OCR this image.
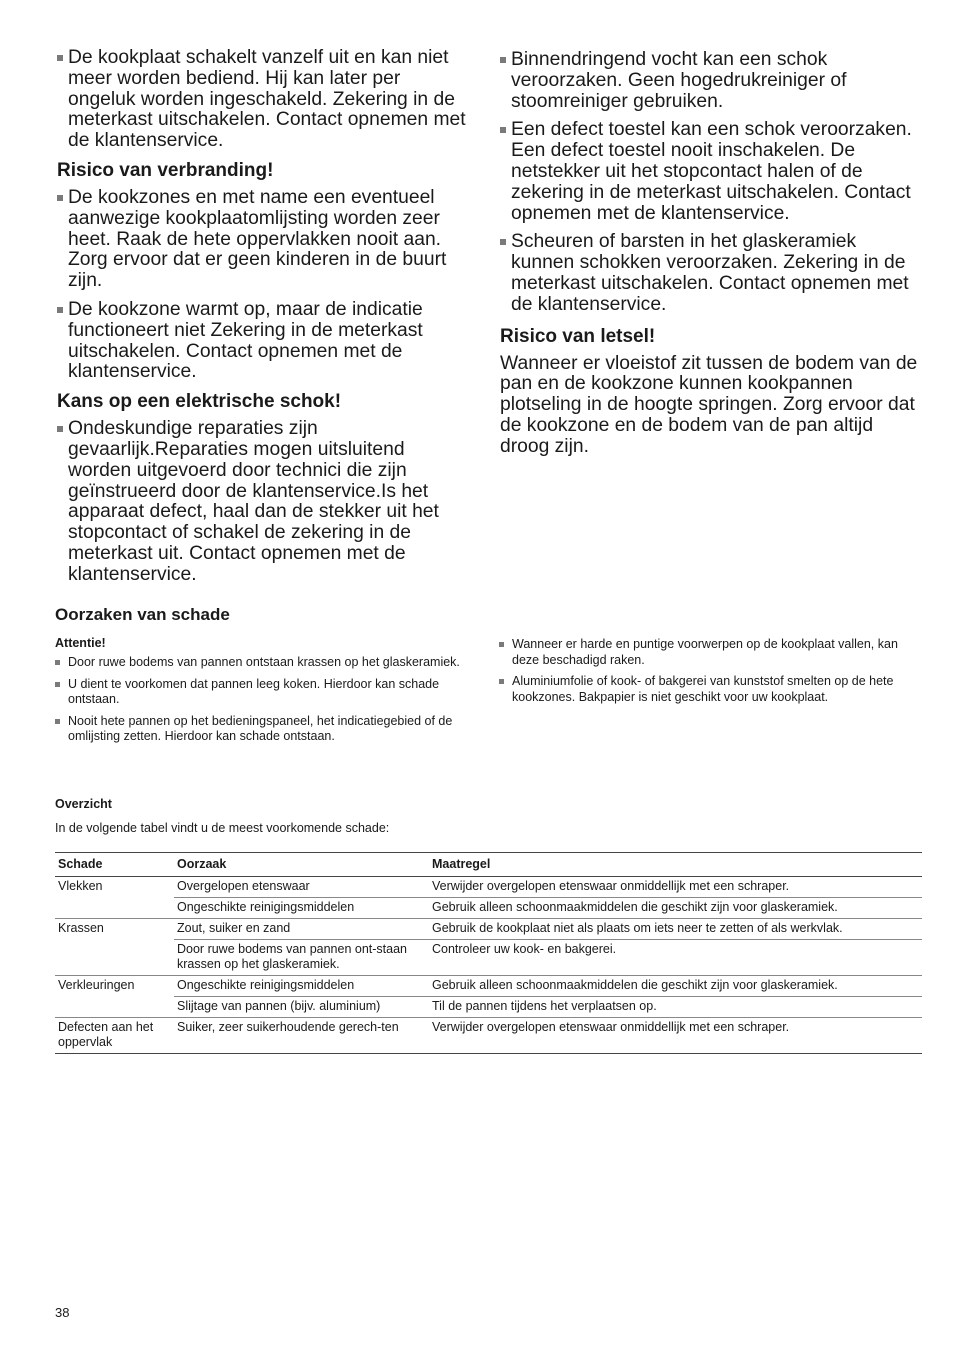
De kookplaat schakelt vanzelf uit en kan niet meer worden bediend. Hij kan later per ongeluk worden ingeschakeld. Zekering in de meterkast uitschakelen. Contact opnemen met de klantenservice.
Risico van verbranding!
De kookzones en met name een eventueel aanwezige kookplaatomlijsting worden zeer heet. Raak de hete oppervlakken nooit aan. Zorg ervoor dat er geen kinderen in de buurt zijn.
De kookzone warmt op, maar de indicatie functioneert niet Zekering in de meterkast uitschakelen. Contact opnemen met de klantenservice.
Kans op een elektrische schok!
Ondeskundige reparaties zijn gevaarlijk.Reparaties mogen uitsluitend worden uitgevoerd door technici die zijn geïnstrueerd door de klantenservice.Is het apparaat defect, haal dan de stekker uit het stopcontact of schakel de zekering in de meterkast uit. Contact opnemen met de klantenservice.
Binnendringend vocht kan een schok veroorzaken. Geen hogedrukreiniger of stoomreiniger gebruiken.
Een defect toestel kan een schok veroorzaken. Een defect toestel nooit inschakelen. De netstekker uit het stopcontact halen of de zekering in de meterkast uitschakelen. Contact opnemen met de klantenservice.
Scheuren of barsten in het glaskeramiek kunnen schokken veroorzaken. Zekering in de meterkast uitschakelen. Contact opnemen met de klantenservice.
Risico van letsel!

Wanneer er vloeistof zit tussen de bodem van de pan en de kookzone kunnen kookpannen plotseling in de hoogte springen. Zorg ervoor dat de kookzone en de bodem van de pan altijd droog zijn.

Oorzaken van schade
Attentie!
Door ruwe bodems van pannen ontstaan krassen op het glaskeramiek.
U dient te voorkomen dat pannen leeg koken. Hierdoor kan schade ontstaan.
Nooit hete pannen op het bedieningspaneel, het indicatiegebied of de omlijsting zetten. Hierdoor kan schade ontstaan.
Wanneer er harde en puntige voorwerpen op de kookplaat vallen, kan deze beschadigd raken.
Aluminiumfolie of kook- of bakgerei van kunststof smelten op de hete kookzones. Bakpapier is niet geschikt voor uw kookplaat.
Overzicht
In de volgende tabel vindt u de meest voorkomende schade:
Schade	Oorzaak	Maatregel
Vlekken	Overgelopen etenswaar	Verwijder overgelopen etenswaar onmiddellijk met een schraper.
	Ongeschikte reinigingsmiddelen	Gebruik alleen schoonmaakmiddelen die geschikt zijn voor glaskeramiek.
Krassen	Zout, suiker en zand	Gebruik de kookplaat niet als plaats om iets neer te zetten of als werkvlak.
	Door ruwe bodems van pannen ont-staan krassen op het glaskeramiek.	Controleer uw kook- en bakgerei.
Verkleuringen	Ongeschikte reinigingsmiddelen	Gebruik alleen schoonmaakmiddelen die geschikt zijn voor glaskeramiek.
	Slijtage van pannen (bijv. aluminium)	Til de pannen tijdens het verplaatsen op.
Defecten aan het oppervlak	Suiker, zeer suikerhoudende gerech-ten	Verwijder overgelopen etenswaar onmiddellijk met een schraper.
38
